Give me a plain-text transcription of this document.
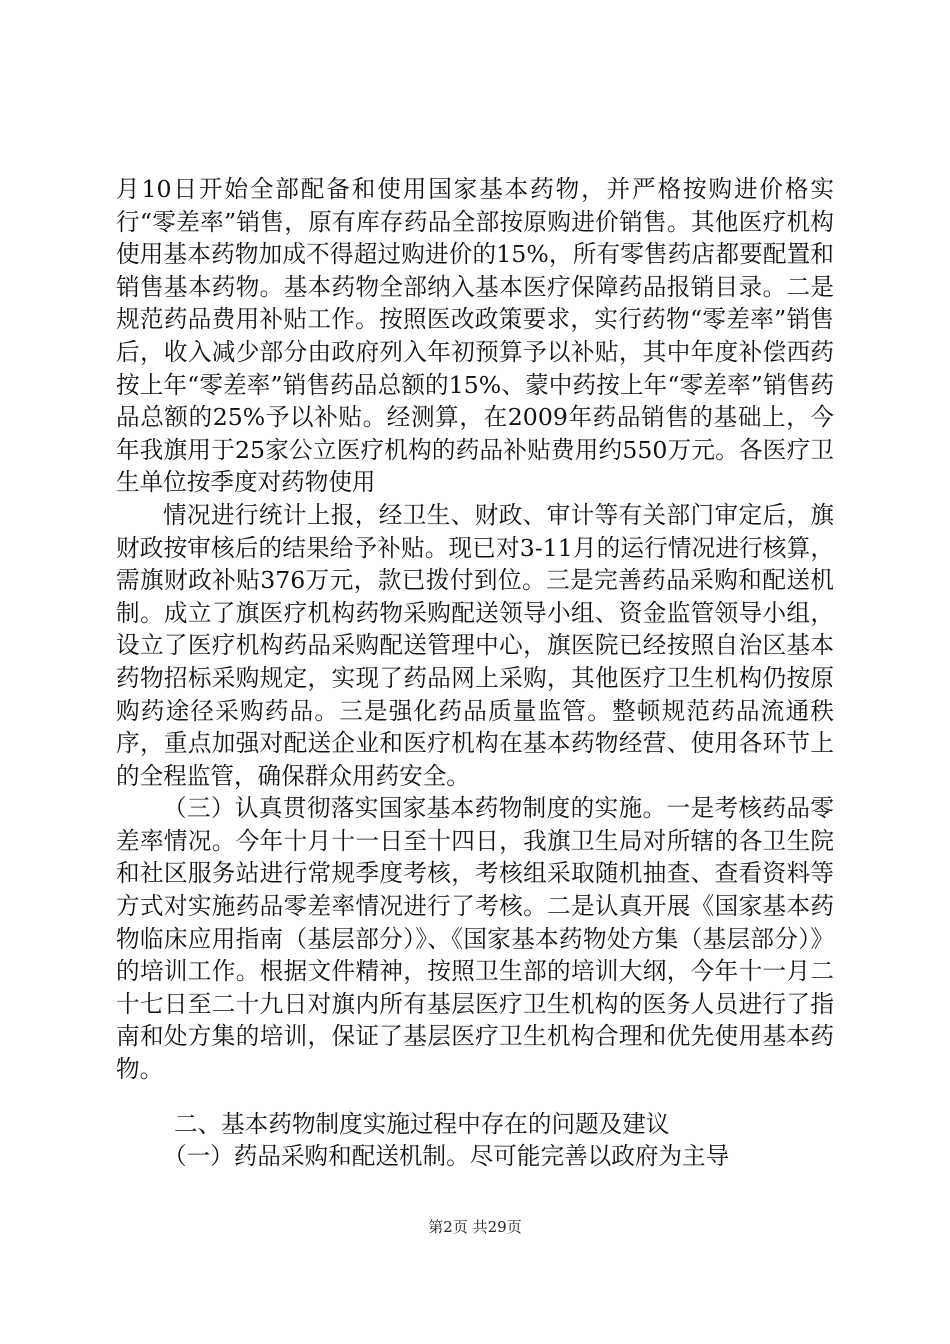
月10日开始全部配备和使用国家基本药物，并严格按购进价格实行“零差率”销售，原有库存药品全部按原购进价销售。其他医疗机构使用基本药物加成不得超过购进价的15%，所有零售药店都要配置和销售基本药物。基本药物全部纳入基本医疗保障药品报销目录。二是规范药品费用补贴工作。按照医改政策要求，实行药物“零差率”销售后，收入减少部分由政府列入年初预算予以补贴，其中年度补偿西药按上年“零差率”销售药品总额的15%、蒙中药按上年“零差率”销售药品总额的25%予以补贴。经测算，在2009年药品销售的基础上，今年我旗用于25家公立医疗机构的药品补贴费用约550万元。各医疗卫生单位按季度对药物使用

情况进行统计上报，经卫生、财政、审计等有关部门审定后，旗财政按审核后的结果给予补贴。现已对3-11月的运行情况进行核算，需旗财政补贴376万元，款已拨付到位。三是完善药品采购和配送机制。成立了旗医疗机构药物采购配送领导小组、资金监管领导小组，设立了医疗机构药品采购配送管理中心，旗医院已经按照自治区基本药物招标采购规定，实现了药品网上采购，其他医疗卫生机构仍按原购药途径采购药品。三是强化药品质量监管。整顿规范药品流通秩序，重点加强对配送企业和医疗机构在基本药物经营、使用各环节上的全程监管，确保群众用药安全。

（三）认真贯彻落实国家基本药物制度的实施。一是考核药品零差率情况。今年十月十一日至十四日，我旗卫生局对所辖的各卫生院和社区服务站进行常规季度考核，考核组采取随机抽查、查看资料等方式对实施药品零差率情况进行了考核。二是认真开展《国家基本药物临床应用指南（基层部分）》、《国家基本药物处方集（基层部分）》的培训工作。根据文件精神，按照卫生部的培训大纲，今年十一月二十七日至二十九日对旗内所有基层医疗卫生机构的医务人员进行了指南和处方集的培训，保证了基层医疗卫生机构合理和优先使用基本药物。

二、基本药物制度实施过程中存在的问题及建议

（一）药品采购和配送机制。尽可能完善以政府为主导

第2页 共29页
